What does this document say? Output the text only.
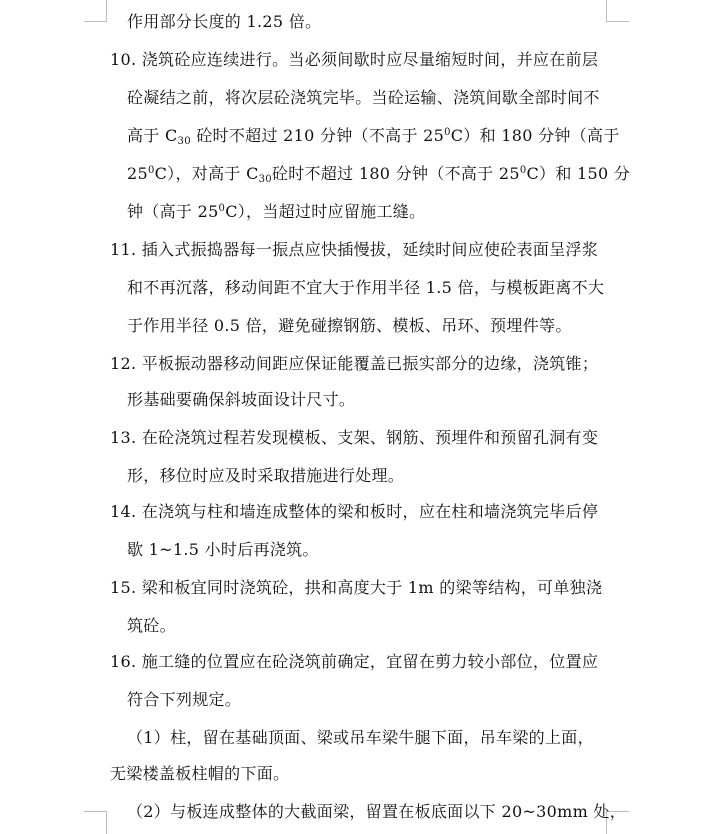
作用部分长度的 1.25 倍。
10. 浇筑砼应连续进行。当必须间歇时应尽量缩短时间，并应在前层
砼凝结之前，将次层砼浇筑完毕。当砼运输、浇筑间歇全部时间不
高于 $C_{30}$ 砼时不超过 210 分钟（不高于 $25^0C$）和 180 分钟（高于
$25^0C$），对高于 $C_{30}$砼时不超过 180 分钟（不高于 $25^0C$）和 150 分
钟（高于 $25^0C$），当超过时应留施工缝。
11. 插入式振捣器每一振点应快插慢拔，延续时间应使砼表面呈浮浆
和不再沉落，移动间距不宜大于作用半径 1.5 倍，与模板距离不大
于作用半径 0.5 倍，避免碰擦钢筋、模板、吊环、预埋件等。
12. 平板振动器移动间距应保证能覆盖已振实部分的边缘，浇筑锥；
形基础要确保斜坡面设计尺寸。
13. 在砼浇筑过程若发现模板、支架、钢筋、预埋件和预留孔洞有变
形，移位时应及时采取措施进行处理。
14. 在浇筑与柱和墙连成整体的梁和板时，应在柱和墙浇筑完毕后停
歇 1~1.5 小时后再浇筑。
15. 梁和板宜同时浇筑砼，拱和高度大于 1m 的梁等结构，可单独浇
筑砼。
16. 施工缝的位置应在砼浇筑前确定，宜留在剪力较小部位，位置应
符合下列规定。
（1）柱，留在基础顶面、梁或吊车梁牛腿下面，吊车梁的上面，
无梁楼盖板柱帽的下面。
（2）与板连成整体的大截面梁，留置在板底面以下 20~30mm 处，
